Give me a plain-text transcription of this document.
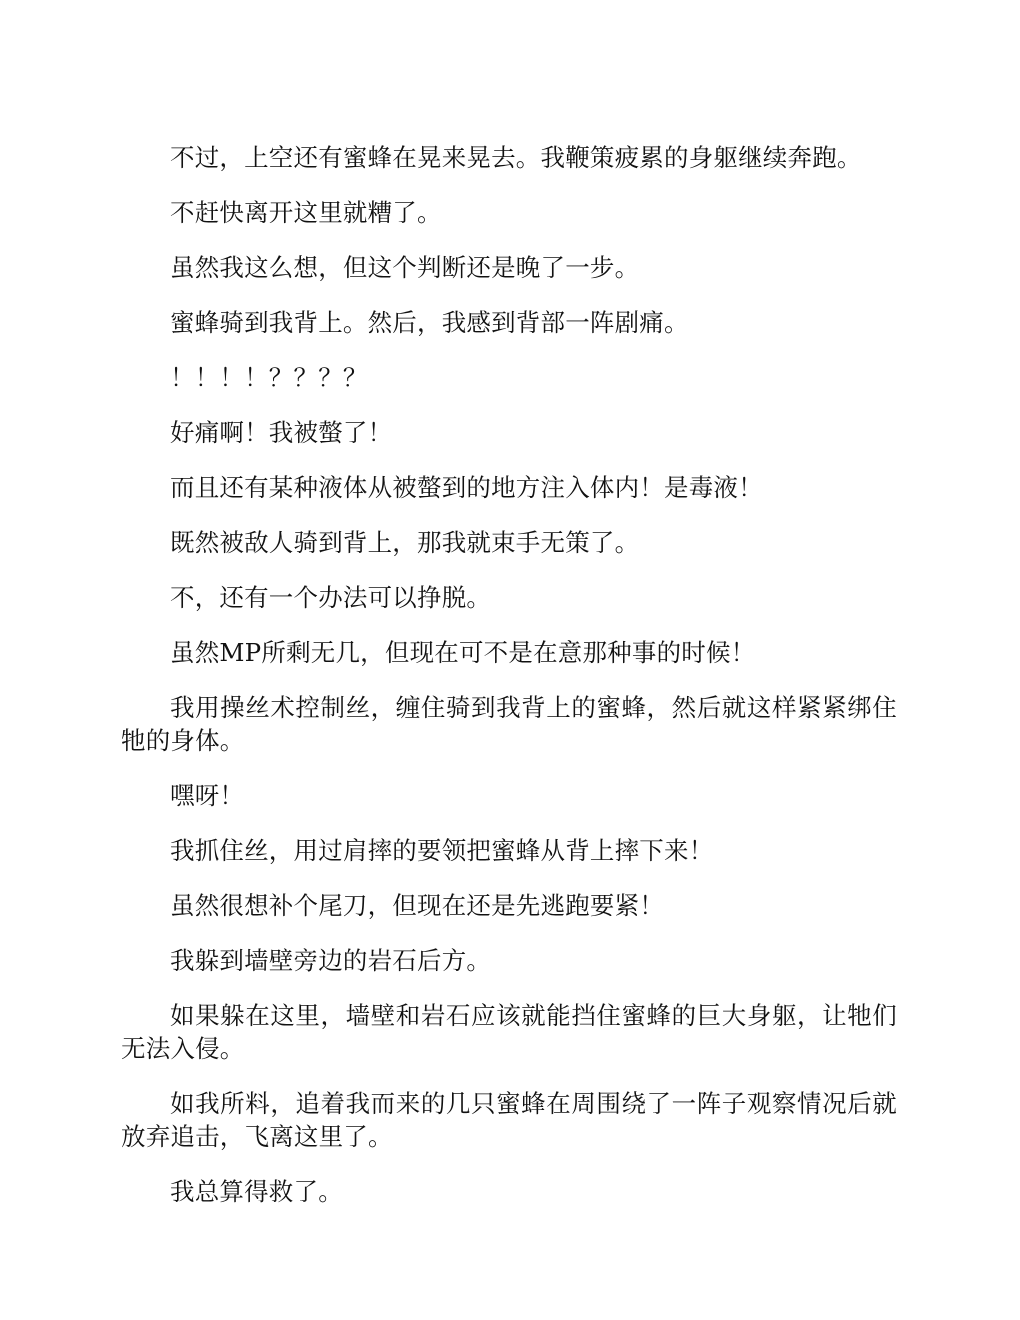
不过，上空还有蜜蜂在晃来晃去。我鞭策疲累的身躯继续奔跑。

不赶快离开这里就糟了。

虽然我这么想，但这个判断还是晚了一步。

蜜蜂骑到我背上。然后，我感到背部一阵剧痛。

！！！！？？？？

好痛啊！我被螫了！

而且还有某种液体从被螫到的地方注入体内！是毒液！

既然被敌人骑到背上，那我就束手无策了。

不，还有一个办法可以挣脱。

虽然MP所剩无几，但现在可不是在意那种事的时候！

我用操丝术控制丝，缠住骑到我背上的蜜蜂，然后就这样紧紧绑住牠的身体。

嘿呀！

我抓住丝，用过肩摔的要领把蜜蜂从背上摔下来！

虽然很想补个尾刀，但现在还是先逃跑要紧！

我躲到墙壁旁边的岩石后方。

如果躲在这里，墙壁和岩石应该就能挡住蜜蜂的巨大身躯，让牠们无法入侵。

如我所料，追着我而来的几只蜜蜂在周围绕了一阵子观察情况后就放弃追击，飞离这里了。

我总算得救了。
